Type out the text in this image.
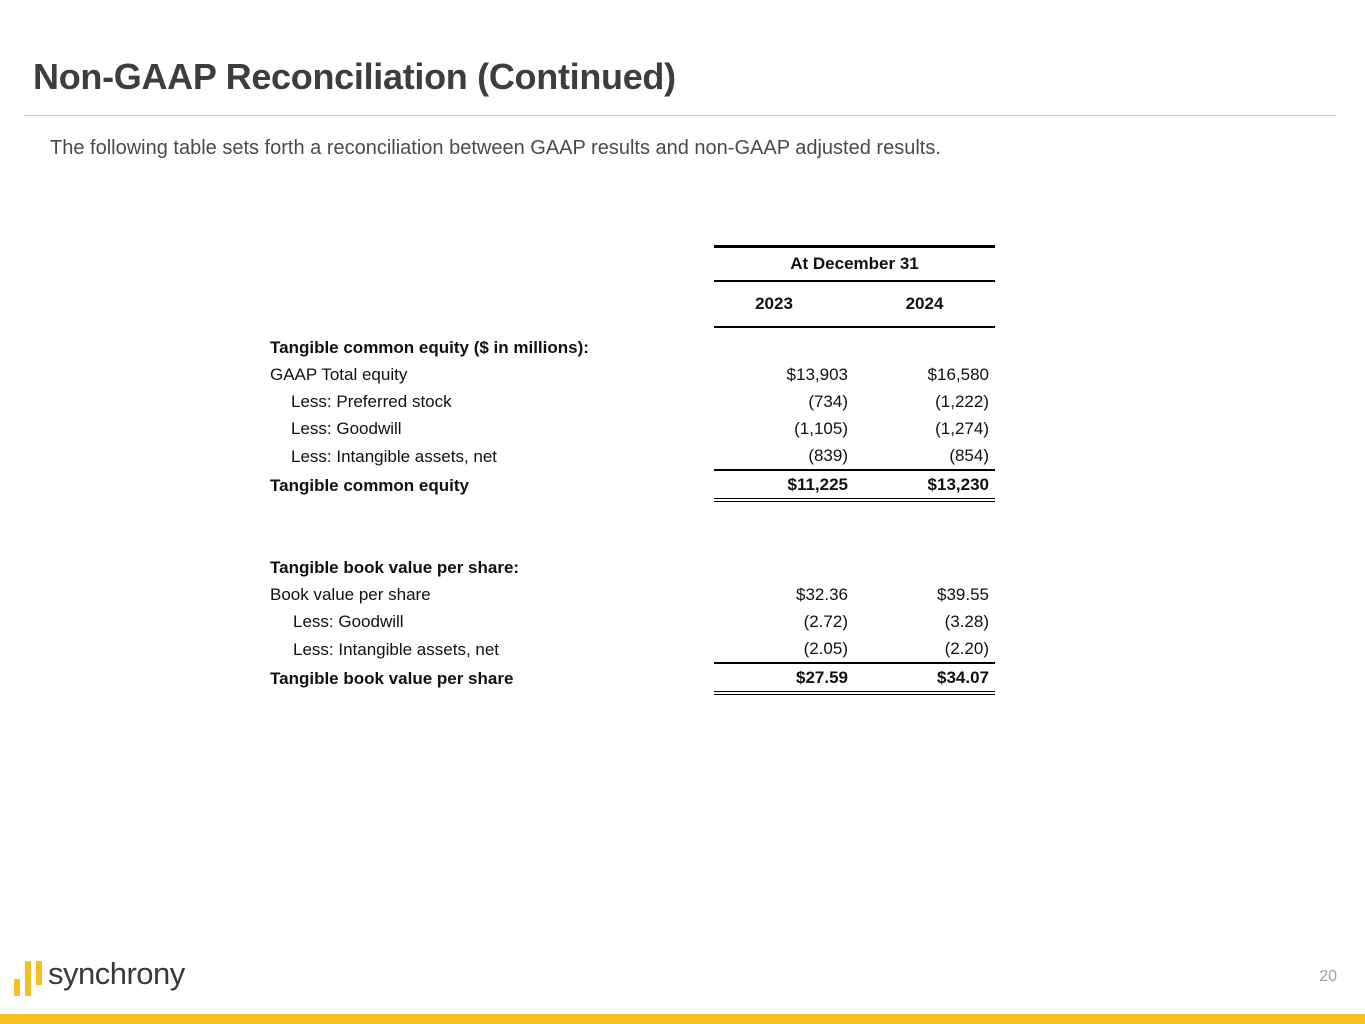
Non-GAAP Reconciliation (Continued)
The following table sets forth a reconciliation between GAAP results and non-GAAP adjusted results.
	At December 31	
	2023	2024
Tangible common equity ($ in millions):		
GAAP Total equity	$13,903	$16,580
Less: Preferred stock	(734)	(1,222)
Less: Goodwill	(1,105)	(1,274)
Less: Intangible assets, net	(839)	(854)
Tangible common equity	$11,225	$13,230

Tangible book value per share:		
Book value per share	$32.36	$39.55
Less: Goodwill	(2.72)	(3.28)
Less: Intangible assets, net	(2.05)	(2.20)
Tangible book value per share	$27.59	$34.07
synchrony	20
